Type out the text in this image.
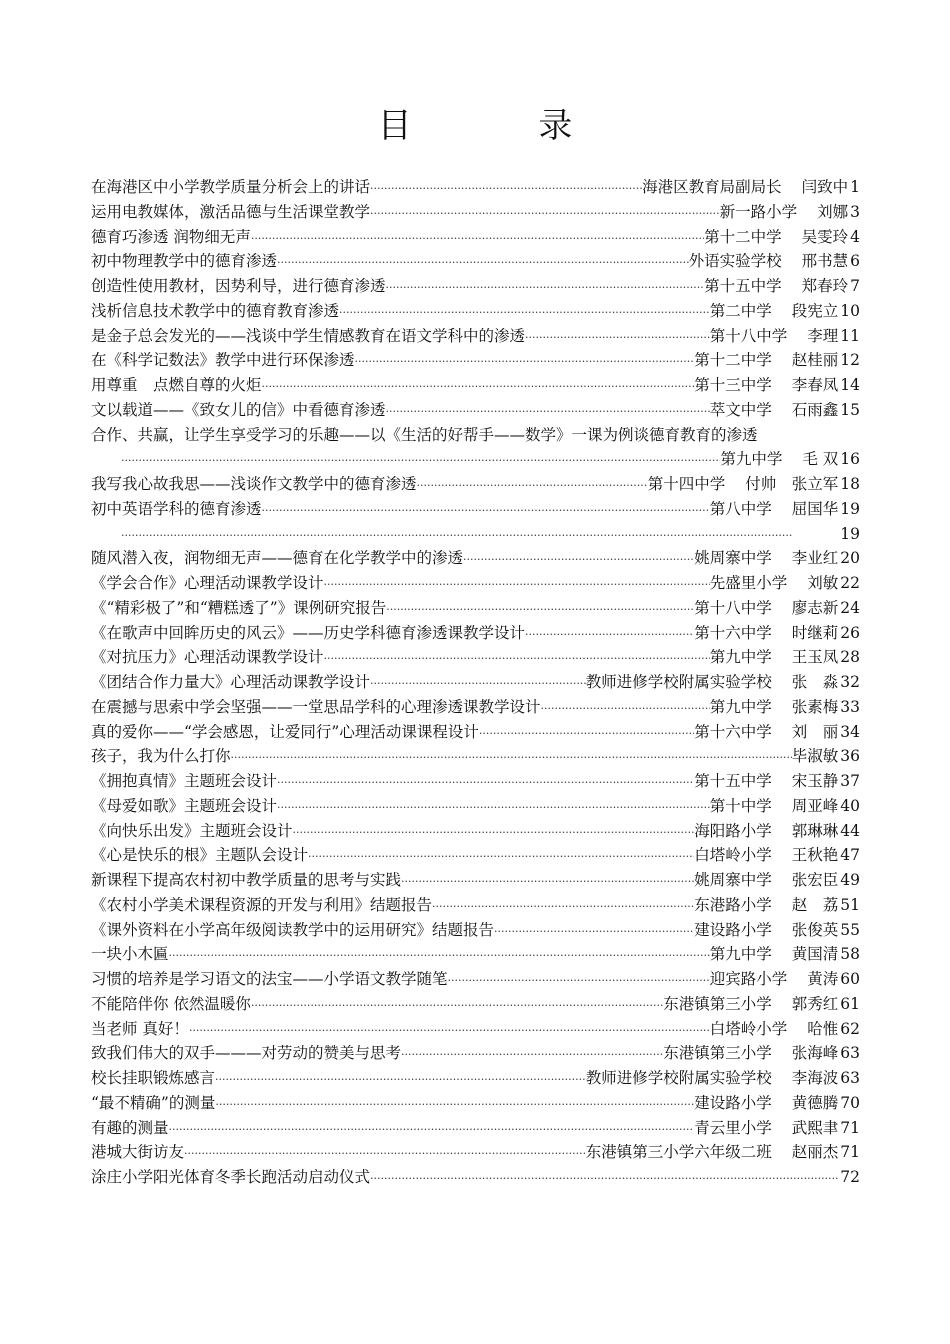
目 录
在海港区中小学教学质量分析会上的讲话 ·····	海港区教育局副局长 闫致中 1
运用电教媒体，激活品德与生活课堂教学 ·····	新一路小学 刘娜 3
德育巧渗透 润物细无声 ·····	第十二中学 吴雯玲 4
初中物理教学中的德育渗透 ·····	外语实验学校 邢书慧 6
创造性使用教材，因势利导，进行德育渗透 ·····	第十五中学 郑春玲 7
浅析信息技术教学中的德育教育渗透 ·····	第二中学 段宪立 10
是金子总会发光的——浅谈中学生情感教育在语文学科中的渗透 ·····	第十八中学 李理 11
在《科学记数法》教学中进行环保渗透 ·····	第十二中学 赵桂丽 12
用尊重　点燃自尊的火炬 ·····	第十三中学 李春凤 14
文以载道——《致女儿的信》中看德育渗透 ·····	萃文中学 石雨鑫 15
合作、共赢，让学生享受学习的乐趣——以《生活的好帮手——数学》一课为例谈德育教育的渗透
·····
第九中学 毛 双 16
我写我心故我思——浅谈作文教学中的德育渗透 ·····	第十四中学 付帅　张立军 18
初中英语学科的德育渗透 ·····	第八中学 屈国华 19
·····
19
随风潜入夜，润物细无声——德育在化学教学中的渗透 ·····	姚周寨中学 李业红 20
《学会合作》心理活动课教学设计 ·····	先盛里小学 刘敏 22
《“精彩极了”和“糟糕透了”》课例研究报告 ·····	第十八中学 廖志新 24
《在歌声中回眸历史的风云》——历史学科德育渗透课教学设计 ·····	第十六中学 时继莉 26
《对抗压力》心理活动课教学设计 ·····	第九中学 王玉凤 28
《团结合作力量大》心理活动课教学设计 ·····	教师进修学校附属实验学校 张　淼 32
在震撼与思索中学会坚强——一堂思品学科的心理渗透课教学设计 ·····	第九中学 张素梅 33
真的爱你——“学会感恩，让爱同行”心理活动课课程设计 ·····	第十六中学 刘　丽 34
孩子，我为什么打你 ·····	毕淑敏 36
《拥抱真情》主题班会设计 ·····	第十五中学 宋玉静 37
《母爱如歌》主题班会设计 ·····	第十中学 周亚峰 40
《向快乐出发》主题班会设计 ·····	海阳路小学 郭琳琳 44
《心是快乐的根》主题队会设计 ·····	白塔岭小学 王秋艳 47
新课程下提高农村初中教学质量的思考与实践 ·····	姚周寨中学 张宏臣 49
《农村小学美术课程资源的开发与利用》结题报告 ·····	东港路小学 赵　荔 51
《课外资料在小学高年级阅读教学中的运用研究》结题报告 ·····	建设路小学 张俊英 55
一块小木匾 ·····	第九中学 黄国清 58
习惯的培养是学习语文的法宝——小学语文教学随笔 ·····	迎宾路小学 黄涛 60
不能陪伴你 依然温暖你 ·····	东港镇第三小学 郭秀红 61
当老师 真好！ ·····	白塔岭小学 哈惟 62
致我们伟大的双手———对劳动的赞美与思考 ·····	东港镇第三小学 张海峰 63
校长挂职锻炼感言 ·····	教师进修学校附属实验学校 李海波 63
“最不精确”的测量 ·····	建设路小学 黄德腾 70
有趣的测量 ·····	青云里小学 武熙聿 71
港城大街访友 ·····	东港镇第三小学六年级二班 赵丽杰 71
涂庄小学阳光体育冬季长跑活动启动仪式 ·····	72
